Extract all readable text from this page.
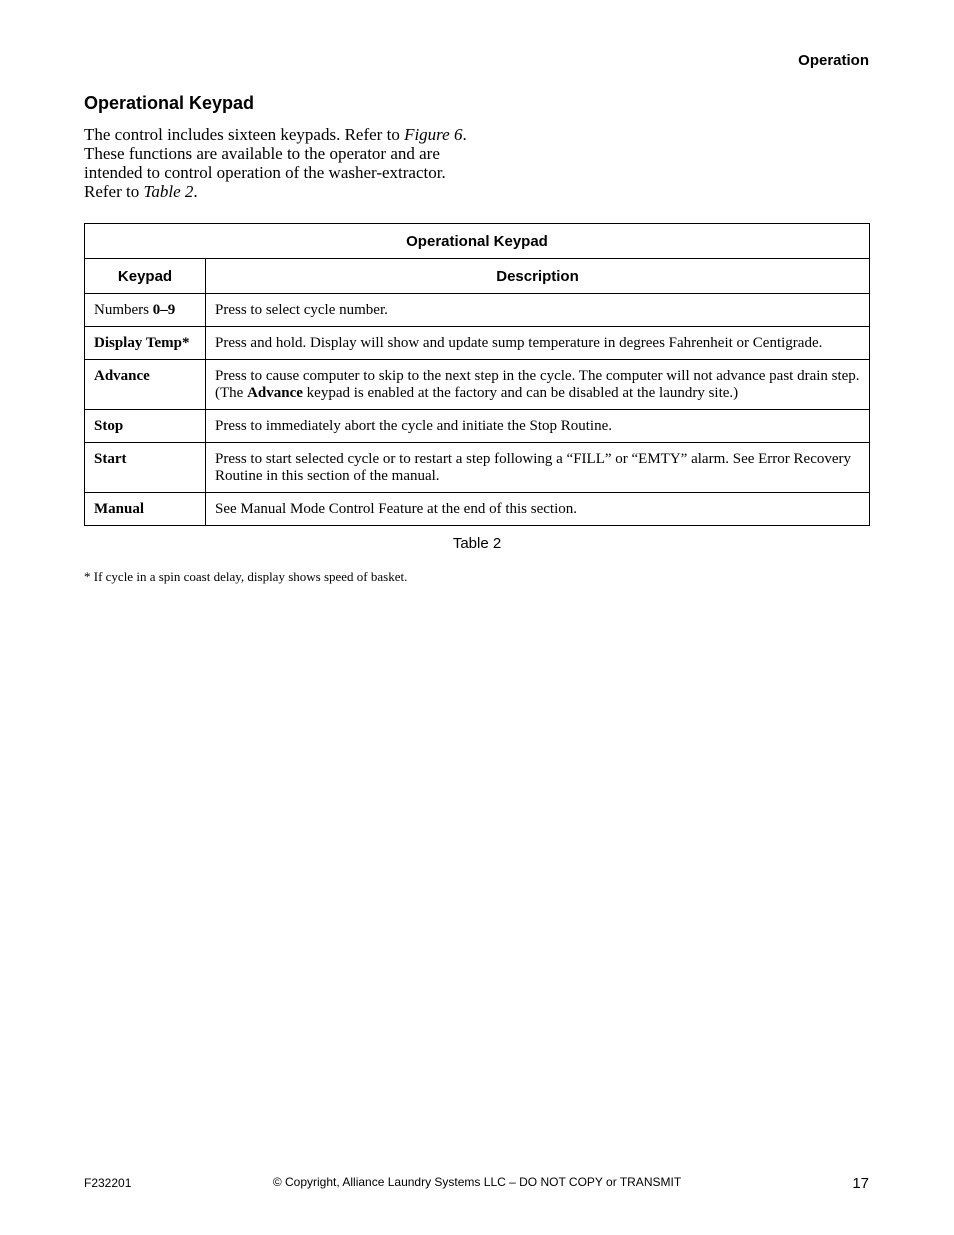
Operation
Operational Keypad

The control includes sixteen keypads. Refer to Figure 6. These functions are available to the operator and are intended to control operation of the washer-extractor. Refer to Table 2.

Operational Keypad	
Keypad	Description
Numbers 0–9	Press to select cycle number.
Display Temp*	Press and hold. Display will show and update sump temperature in degrees Fahrenheit or Centigrade.
Advance	Press to cause computer to skip to the next step in the cycle. The computer will not advance past drain step. (The Advance keypad is enabled at the factory and can be disabled at the laundry site.)
Stop	Press to immediately abort the cycle and initiate the Stop Routine.
Start	Press to start selected cycle or to restart a step following a “FILL” or “EMTY” alarm. See Error Recovery Routine in this section of the manual.
Manual	See Manual Mode Control Feature at the end of this section.
Table 2
* If cycle in a spin coast delay, display shows speed of basket.
F232201	© Copyright, Alliance Laundry Systems LLC – DO NOT COPY or TRANSMIT	17
